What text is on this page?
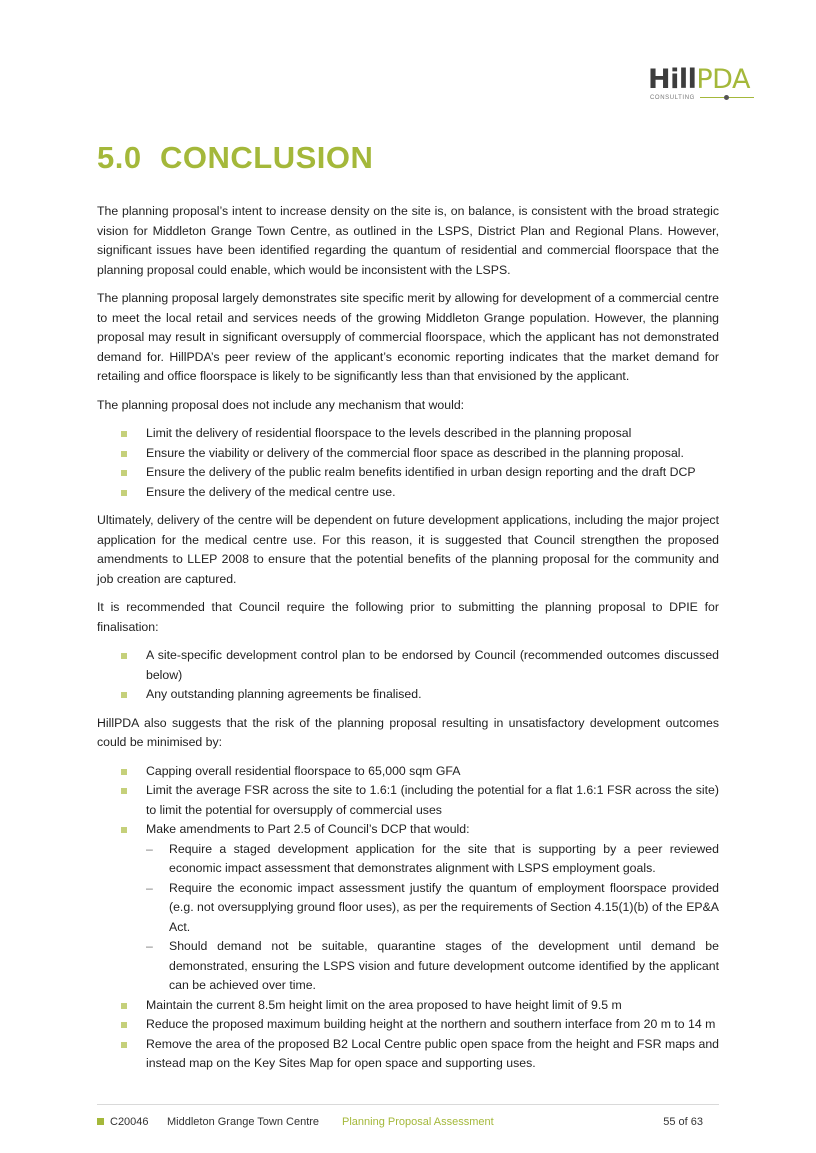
HillPDA
CONSULTING
5.0 CONCLUSION

The planning proposal’s intent to increase density on the site is, on balance, is consistent with the broad strategic vision for Middleton Grange Town Centre, as outlined in the LSPS, District Plan and Regional Plans. However, significant issues have been identified regarding the quantum of residential and commercial floorspace that the planning proposal could enable, which would be inconsistent with the LSPS.

The planning proposal largely demonstrates site specific merit by allowing for development of a commercial centre to meet the local retail and services needs of the growing Middleton Grange population. However, the planning proposal may result in significant oversupply of commercial floorspace, which the applicant has not demonstrated demand for. HillPDA’s peer review of the applicant’s economic reporting indicates that the market demand for retailing and office floorspace is likely to be significantly less than that envisioned by the applicant.

The planning proposal does not include any mechanism that would:

Limit the delivery of residential floorspace to the levels described in the planning proposal
Ensure the viability or delivery of the commercial floor space as described in the planning proposal.
Ensure the delivery of the public realm benefits identified in urban design reporting and the draft DCP
Ensure the delivery of the medical centre use.

Ultimately, delivery of the centre will be dependent on future development applications, including the major project application for the medical centre use. For this reason, it is suggested that Council strengthen the proposed amendments to LLEP 2008 to ensure that the potential benefits of the planning proposal for the community and job creation are captured.

It is recommended that Council require the following prior to submitting the planning proposal to DPIE for finalisation:

A site-specific development control plan to be endorsed by Council (recommended outcomes discussed below)
Any outstanding planning agreements be finalised.

HillPDA also suggests that the risk of the planning proposal resulting in unsatisfactory development outcomes could be minimised by:

Capping overall residential floorspace to 65,000 sqm GFA
Limit the average FSR across the site to 1.6:1 (including the potential for a flat 1.6:1 FSR across the site) to limit the potential for oversupply of commercial uses
Make amendments to Part 2.5 of Council’s DCP that would:
– Require a staged development application for the site that is supporting by a peer reviewed economic impact assessment that demonstrates alignment with LSPS employment goals.
– Require the economic impact assessment justify the quantum of employment floorspace provided (e.g. not oversupplying ground floor uses), as per the requirements of Section 4.15(1)(b) of the EP&A Act.
– Should demand not be suitable, quarantine stages of the development until demand be demonstrated, ensuring the LSPS vision and future development outcome identified by the applicant can be achieved over time.
Maintain the current 8.5m height limit on the area proposed to have height limit of 9.5 m
Reduce the proposed maximum building height at the northern and southern interface from 20 m to 14 m
Remove the area of the proposed B2 Local Centre public open space from the height and FSR maps and instead map on the Key Sites Map for open space and supporting uses.
C20046 Middleton Grange Town Centre Planning Proposal Assessment	55 of 63
